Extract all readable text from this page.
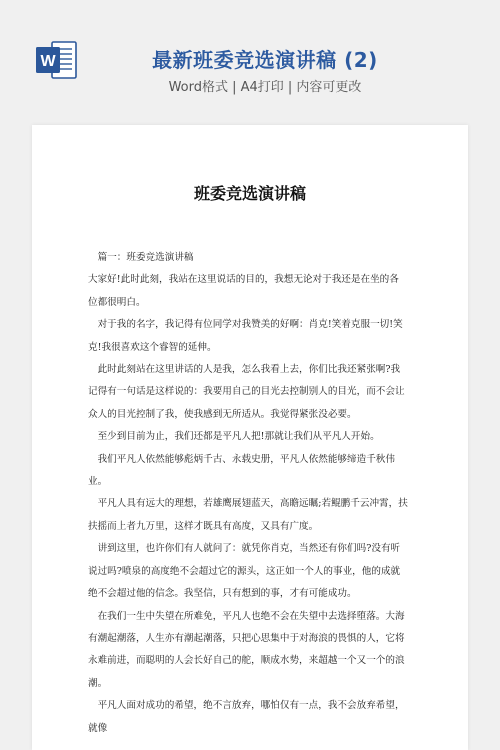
W	最新班委竞选演讲稿 (2)
Word格式 | A4打印 | 内容可更改
班委竞选演讲稿

篇一：班委竞选演讲稿

大家好!此时此刻，我站在这里说话的目的，我想无论对于我还是在坐的各位都很明白。

对于我的名字，我记得有位同学对我赞美的好啊：肖克!笑着克服一切!笑克!我很喜欢这个睿智的延伸。

此时此刻站在这里讲话的人是我，怎么我看上去，你们比我还紧张啊?我记得有一句话是这样说的：我要用自己的目光去控制别人的目光，而不会让众人的目光控制了我，使我感到无所适从。我觉得紧张没必要。

至少到目前为止，我们还都是平凡人把!那就让我们从平凡人开始。

我们平凡人依然能够彪炳千古、永载史册，平凡人依然能够缔造千秋伟业。

平凡人具有远大的理想，若雄鹰展翅蓝天，高瞻远瞩;若鲲鹏千云冲霄，扶扶摇而上者九万里，这样才既具有高度，又具有广度。

讲到这里，也许你们有人就问了：就凭你肖克，当然还有你们吗?没有听说过吗?喷泉的高度绝不会超过它的源头，这正如一个人的事业，他的成就绝不会超过他的信念。我坚信，只有想到的事，才有可能成功。

在我们一生中失望在所难免，平凡人也绝不会在失望中去选择堕落。大海有潮起潮落，人生亦有潮起潮落，只把心思集中于对海浪的畏惧的人，它将永难前进，而聪明的人会长好自己的舵，顺成水势，来超越一个又一个的浪潮。

平凡人面对成功的希望，绝不言放弃，哪怕仅有一点，我不会放弃希望，就像
